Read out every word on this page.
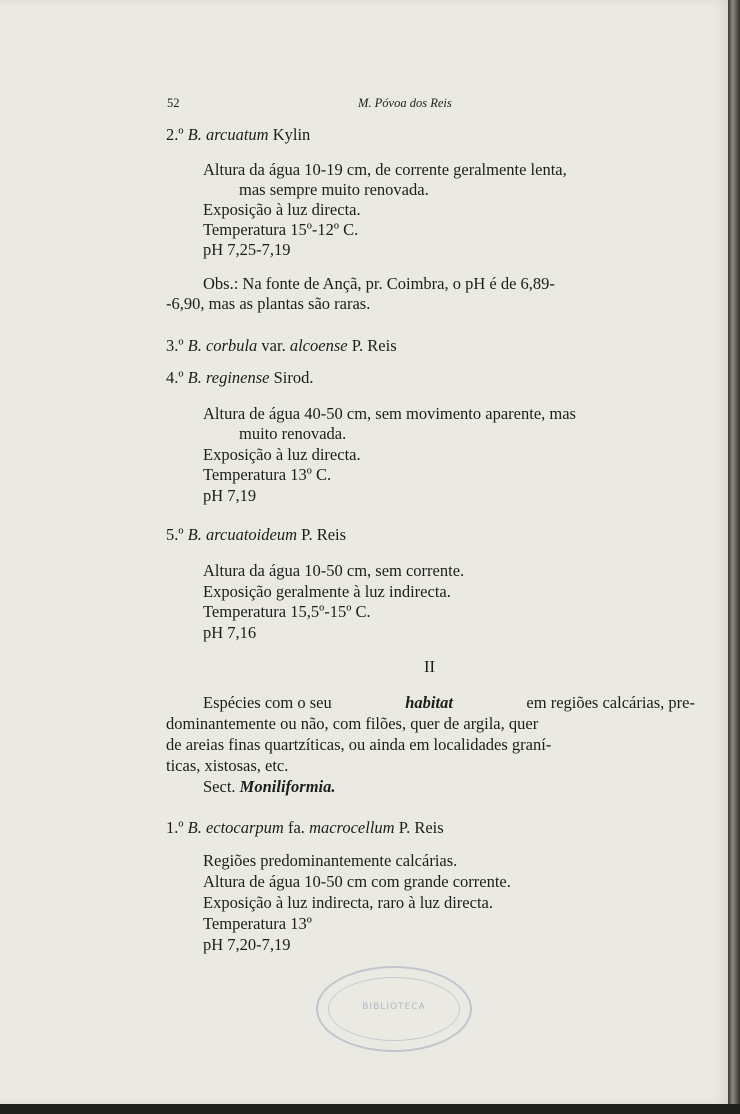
52	M. Póvoa dos Reis
2.º B. arcuatum Kylin
Altura da água 10-19 cm, de corrente geralmente lenta,
mas sempre muito renovada.
Exposição à luz directa.
Temperatura 15º-12º C.
pH 7,25-7,19
Obs.: Na fonte de Ançã, pr. Coimbra, o pH é de 6,89-
-6,90, mas as plantas são raras.
3.º B. corbula var. alcoense P. Reis
4.º B. reginense Sirod.
Altura de água 40-50 cm, sem movimento aparente, mas
muito renovada.
Exposição à luz directa.
Temperatura 13º C.
pH 7,19
5.º B. arcuatoideum P. Reis
Altura da água 10-50 cm, sem corrente.
Exposição geralmente à luz indirecta.
Temperatura 15,5º-15º C.
pH 7,16
II
Espécies com o seu	habitat	em regiões calcárias, pre-
dominantemente ou não, com filões, quer de argila, quer
de areias finas quartzíticas, ou ainda em localidades graní-
ticas, xistosas, etc.
Sect. Moniliformia.
1.º B. ectocarpum fa. macrocellum P. Reis
Regiões predominantemente calcárias.
Altura de água 10-50 cm com grande corrente.
Exposição à luz indirecta, raro à luz directa.
Temperatura 13º
pH 7,20-7,19
BIBLIOTECA
